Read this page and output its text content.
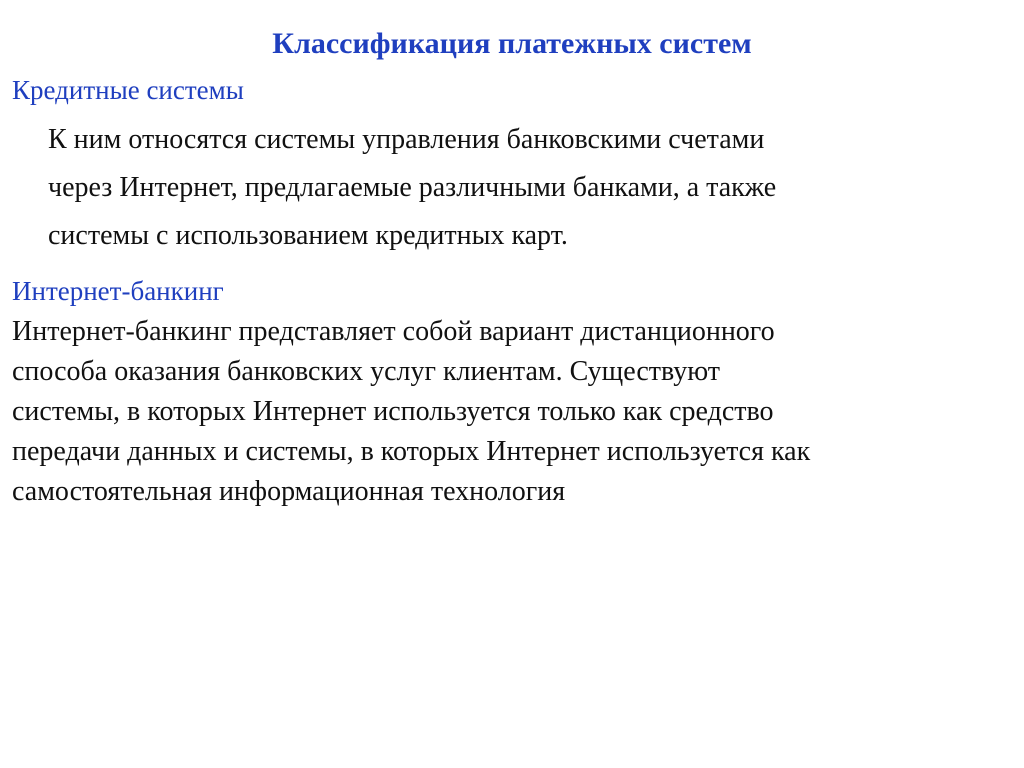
Классификация платежных систем
Кредитные системы

К ним относятся системы управления банковскими счетами
через Интернет, предлагаемые различными банками, а также
системы с использованием кредитных карт.

Интернет-банкинг

Интернет-банкинг представляет собой вариант дистанционного
способа оказания банковских услуг клиентам. Существуют
системы, в которых Интернет используется только как средство
передачи данных и системы, в которых Интернет используется как
самостоятельная информационная технология
